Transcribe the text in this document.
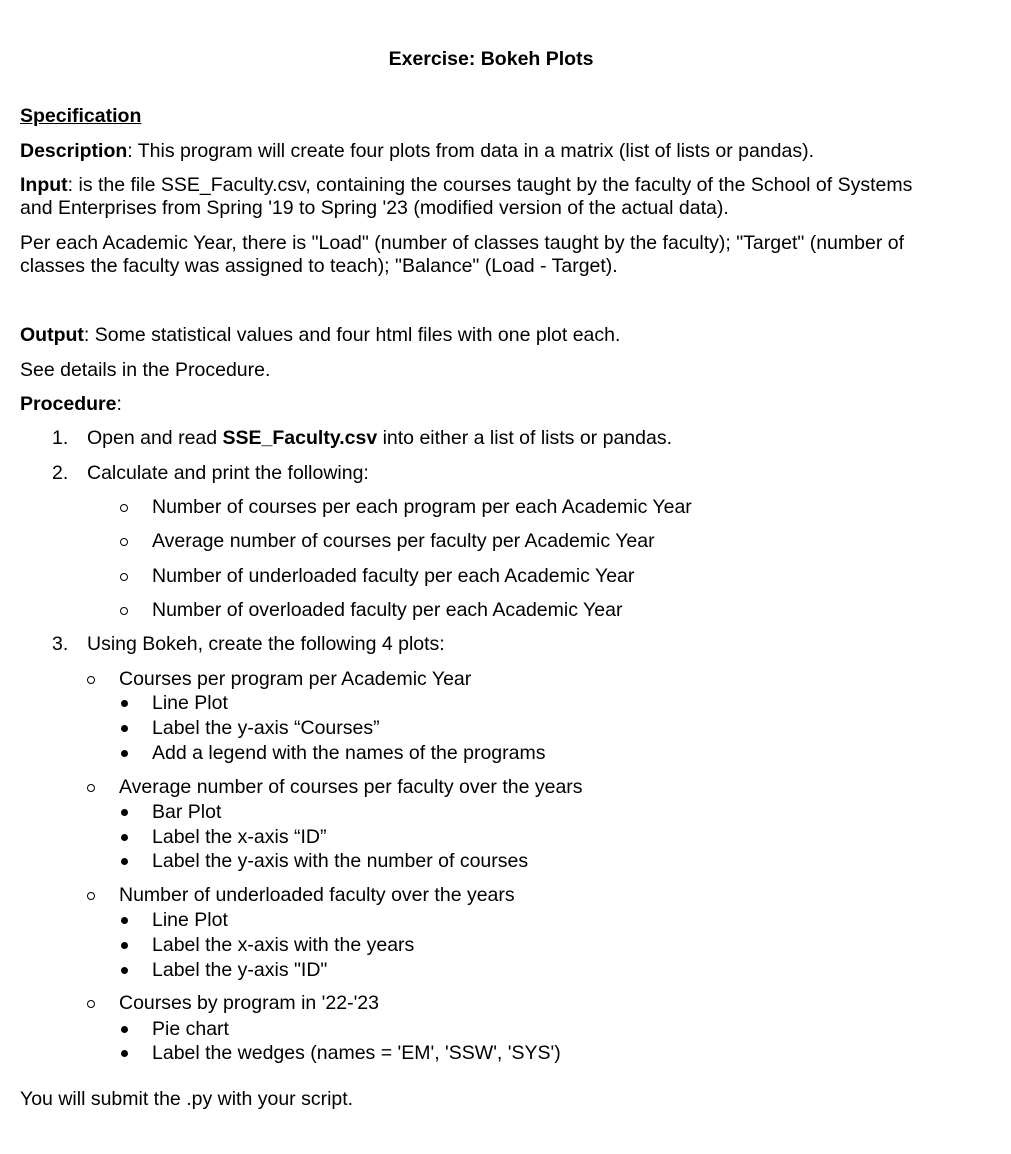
Exercise: Bokeh Plots
Specification
Description: This program will create four plots from data in a matrix (list of lists or pandas).
Input: is the file SSE_Faculty.csv, containing the courses taught by the faculty of the School of Systems
and Enterprises from Spring '19 to Spring '23 (modified version of the actual data).
Per each Academic Year, there is "Load" (number of classes taught by the faculty); "Target" (number of
classes the faculty was assigned to teach); "Balance" (Load - Target).
Output: Some statistical values and four html files with one plot each.
See details in the Procedure.
Procedure:
1. Open and read SSE_Faculty.csv into either a list of lists or pandas.
2. Calculate and print the following:
Number of courses per each program per each Academic Year
Average number of courses per faculty per Academic Year
Number of underloaded faculty per each Academic Year
Number of overloaded faculty per each Academic Year
3. Using Bokeh, create the following 4 plots:
Courses per program per Academic Year
Line Plot
Label the y-axis “Courses”
Add a legend with the names of the programs
Average number of courses per faculty over the years
Bar Plot
Label the x-axis “ID”
Label the y-axis with the number of courses
Number of underloaded faculty over the years
Line Plot
Label the x-axis with the years
Label the y-axis "ID"
Courses by program in '22-'23
Pie chart
Label the wedges (names = 'EM', 'SSW', 'SYS')
You will submit the .py with your script.
